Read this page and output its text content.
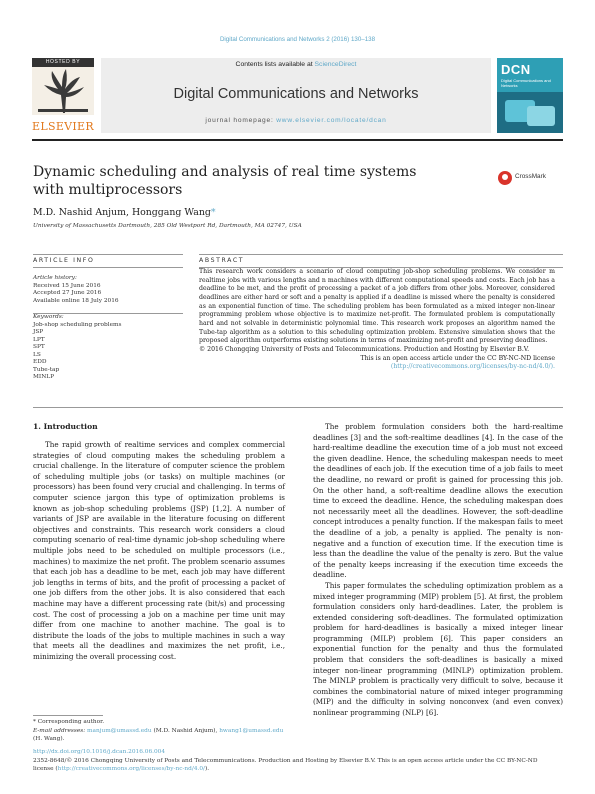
Digital Communications and Networks 2 (2016) 130–138
HOSTED BY
ELSEVIER
Contents lists available at ScienceDirect
Digital Communications and Networks
journal homepage: www.elsevier.com/locate/dcan
DCN
Digital Communications and Networks
Dynamic scheduling and analysis of real time systems
with multiprocessors
CrossMark
M.D. Nashid Anjum, Honggang Wang*
University of Massachusetts Dartmouth, 285 Old Westport Rd, Dartmouth, MA 02747, USA
ARTICLE INFO	ABSTRACT
Article history:
Received 15 June 2016
Accepted 27 June 2016
Available online 18 July 2016
Keywords:
Job-shop scheduling problems
JSP
LPT
SPT
LS
EDD
Tube-tap
MINLP
This research work considers a scenario of cloud computing job-shop scheduling problems. We consider m realtime jobs with various lengths and n machines with different computational speeds and costs. Each job has a deadline to be met, and the profit of processing a packet of a job differs from other jobs. Moreover, considered deadlines are either hard or soft and a penalty is applied if a deadline is missed where the penalty is considered as an exponential function of time. The scheduling problem has been formulated as a mixed integer non-linear programming problem whose objective is to maximize net-profit. The formulated problem is computationally hard and not solvable in deterministic polynomial time. This research work proposes an algorithm named the Tube-tap algorithm as a solution to this scheduling optimization problem. Extensive simulation shows that the proposed algorithm outperforms existing solutions in terms of maximizing net-profit and preserving deadlines.
© 2016 Chongqing University of Posts and Telecommunications. Production and Hosting by Elsevier B.V.
This is an open access article under the CC BY-NC-ND license
(http://creativecommons.org/licenses/by-nc-nd/4.0/).
1. Introduction

The rapid growth of realtime services and complex commercial strategies of cloud computing makes the scheduling problem a crucial challenge. In the literature of computer science the problem of scheduling multiple jobs (or tasks) on multiple machines (or processors) has been found very crucial and challenging. In terms of computer science jargon this type of optimization problems is known as job-shop scheduling problems (JSP) [1,2]. A number of variants of JSP are available in the literature focusing on different objectives and constraints. This research work considers a cloud computing scenario of real-time dynamic job-shop scheduling where multiple jobs need to be scheduled on multiple processors (i.e., machines) to maximize the net profit. The problem scenario assumes that each job has a deadline to be met, each job may have different job lengths in terms of bits, and the profit of processing a packet of one job differs from the other jobs. It is also considered that each machine may have a different processing rate (bit/s) and processing cost. The cost of processing a job on a machine per time unit may differ from one machine to another machine. The goal is to distribute the loads of the jobs to multiple machines in such a way that meets all the deadlines and maximizes the net profit, i.e., minimizing the overall processing cost.

The problem formulation considers both the hard-realtime deadlines [3] and the soft-realtime deadlines [4]. In the case of the hard-realtime deadline the execution time of a job must not exceed the given deadline. Hence, the scheduling makespan needs to meet the deadlines of each job. If the execution time of a job fails to meet the deadline, no reward or profit is gained for processing this job. On the other hand, a soft-realtime deadline allows the execution time to exceed the deadline. Hence, the scheduling makespan does not necessarily meet all the deadlines. However, the soft-deadline concept introduces a penalty function. If the makespan fails to meet the deadline of a job, a penalty is applied. The penalty is non-negative and a function of execution time. If the execution time is less than the deadline the value of the penalty is zero. But the value of the penalty keeps increasing if the execution time exceeds the deadline.

This paper formulates the scheduling optimization problem as a mixed integer programming (MIP) problem [5]. At first, the problem formulation considers only hard-deadlines. Later, the problem is extended considering soft-deadlines. The formulated optimization problem for hard-deadlines is basically a mixed integer linear programming (MILP) problem [6]. This paper considers an exponential function for the penalty and thus the formulated problem that considers the soft-deadlines is basically a mixed integer non-linear programming (MINLP) optimization problem. The MINLP problem is practically very difficult to solve, because it combines the combinatorial nature of mixed integer programming (MIP) and the difficulty in solving nonconvex (and even convex) nonlinear programming (NLP) [6].

* Corresponding author.
E-mail addresses: manjum@umassd.edu (M.D. Nashid Anjum), hwang1@umassd.edu (H. Wang).
http://dx.doi.org/10.1016/j.dcan.2016.06.004
2352-8648/© 2016 Chongqing University of Posts and Telecommunications. Production and Hosting by Elsevier B.V. This is an open access article under the CC BY-NC-ND
license (http://creativecommons.org/licenses/by-nc-nd/4.0/).
